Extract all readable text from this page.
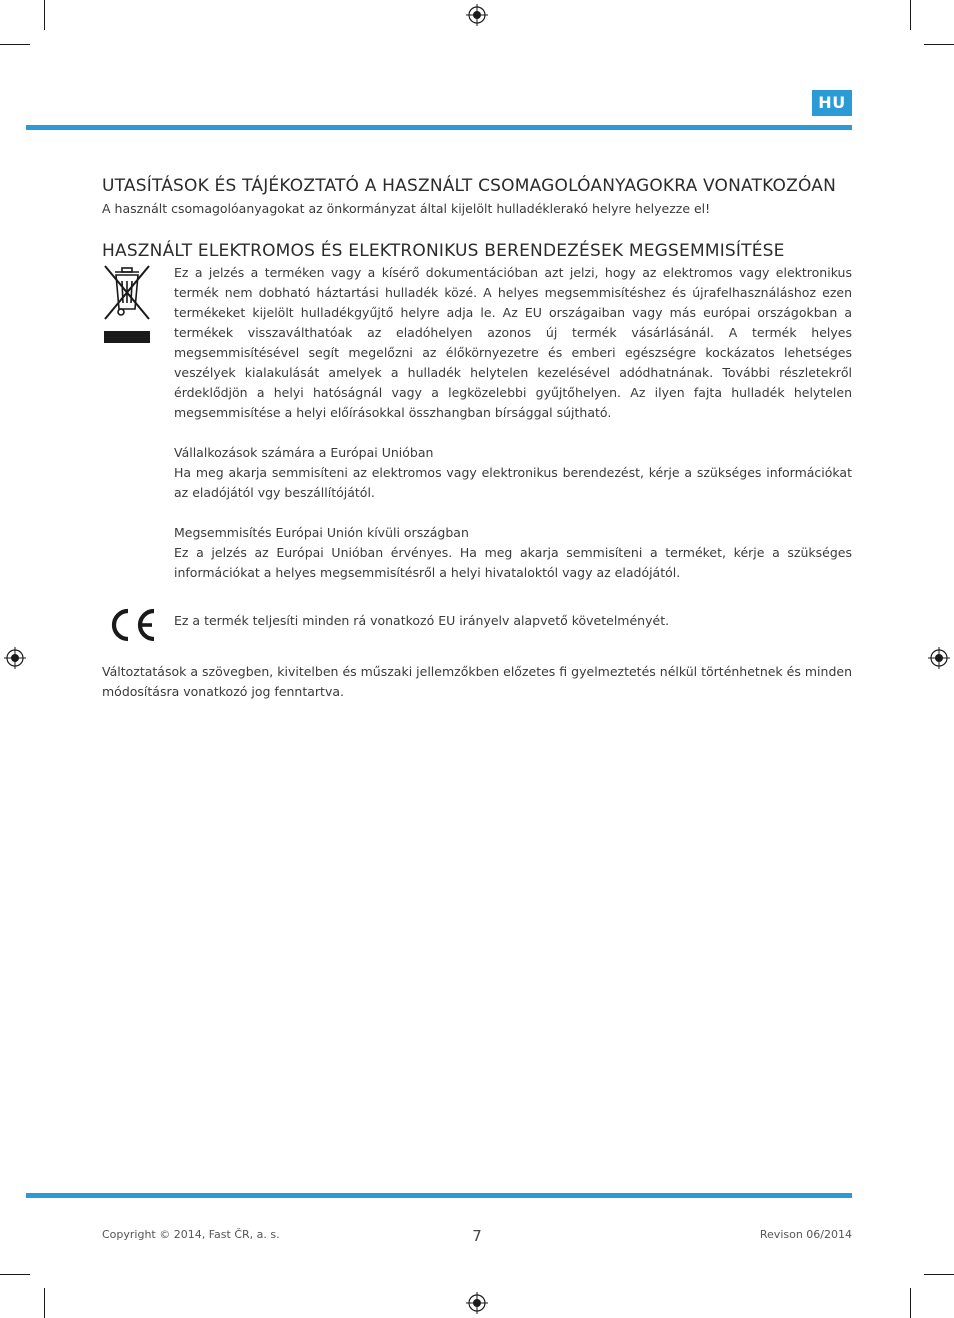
HU
UTASÍTÁSOK ÉS TÁJÉKOZTATÓ A HASZNÁLT CSOMAGOLÓANYAGOKRA VONATKOZÓAN

A használt csomagolóanyagokat az önkormányzat által kijelölt hulladéklerakó helyre helyezze el!

HASZNÁLT ELEKTROMOS ÉS ELEKTRONIKUS BERENDEZÉSEK MEGSEMMISÍTÉSE

Ez a jelzés a terméken vagy a kísérő dokumentációban azt jelzi, hogy az elektromos vagy elektronikus termék nem dobható háztartási hulladék közé. A helyes megsemmisítéshez és újrafelhasználáshoz ezen termékeket kijelölt hulladékgyűjtő helyre adja le. Az EU országaiban vagy más európai országokban a termékek visszaválthatóak az eladóhelyen azonos új termék vásárlásánál. A termék helyes megsemmisítésével segít megelőzni az élőkörnyezetre és emberi egészségre kockázatos lehetséges veszélyek kialakulását amelyek a hulladék helytelen kezelésével adódhatnának. További részletekről érdeklődjön a helyi hatóságnál vagy a legközelebbi gyűjtőhelyen. Az ilyen fajta hulladék helytelen megsemmisítése a helyi előírásokkal összhangban bírsággal sújtható.

Vállalkozások számára a Európai Unióban

Ha meg akarja semmisíteni az elektromos vagy elektronikus berendezést, kérje a szükséges információkat az eladójától vgy beszállítójától.

Megsemmisítés Európai Unión kívüli országban

Ez a jelzés az Európai Unióban érvényes. Ha meg akarja semmisíteni a terméket, kérje a szükséges információkat a helyes megsemmisítésről a helyi hivataloktól vagy az eladójától.

Ez a termék teljesíti minden rá vonatkozó EU irányelv alapvető követelményét.

Változtatások a szövegben, kivitelben és műszaki jellemzőkben előzetes fi gyelmeztetés nélkül történhetnek és minden módosításra vonatkozó jog fenntartva.

Copyright © 2014, Fast ČR, a. s.	7	Revison 06/2014
